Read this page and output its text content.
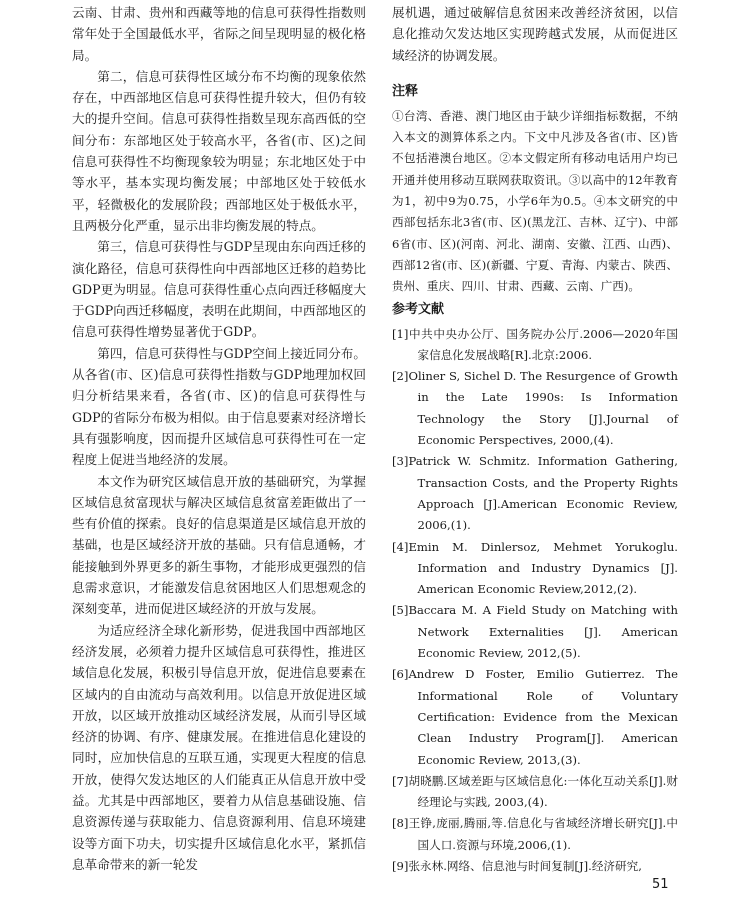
云南、甘肃、贵州和西藏等地的信息可获得性指数则常年处于全国最低水平，省际之间呈现明显的极化格局。

第二，信息可获得性区域分布不均衡的现象依然存在，中西部地区信息可获得性提升较大，但仍有较大的提升空间。信息可获得性指数呈现东高西低的空间分布：东部地区处于较高水平，各省(市、区)之间信息可获得性不均衡现象较为明显；东北地区处于中等水平，基本实现均衡发展；中部地区处于较低水平，轻微极化的发展阶段；西部地区处于极低水平，且两极分化严重，显示出非均衡发展的特点。

第三，信息可获得性与GDP呈现由东向西迁移的演化路径，信息可获得性向中西部地区迁移的趋势比GDP更为明显。信息可获得性重心点向西迁移幅度大于GDP向西迁移幅度，表明在此期间，中西部地区的信息可获得性增势显著优于GDP。

第四，信息可获得性与GDP空间上接近同分布。从各省(市、区)信息可获得性指数与GDP地理加权回归分析结果来看，各省(市、区)的信息可获得性与GDP的省际分布极为相似。由于信息要素对经济增长具有强影响度，因而提升区域信息可获得性可在一定程度上促进当地经济的发展。

本文作为研究区域信息开放的基础研究，为掌握区域信息贫富现状与解决区域信息贫富差距做出了一些有价值的探索。良好的信息渠道是区域信息开放的基础，也是区域经济开放的基础。只有信息通畅，才能接触到外界更多的新生事物，才能形成更强烈的信息需求意识，才能激发信息贫困地区人们思想观念的深刻变革，进而促进区域经济的开放与发展。

为适应经济全球化新形势，促进我国中西部地区经济发展，必须着力提升区域信息可获得性，推进区域信息化发展，积极引导信息开放，促进信息要素在区域内的自由流动与高效利用。以信息开放促进区域开放，以区域开放推动区域经济发展，从而引导区域经济的协调、有序、健康发展。在推进信息化建设的同时，应加快信息的互联互通，实现更大程度的信息开放，使得欠发达地区的人们能真正从信息开放中受益。尤其是中西部地区，要着力从信息基础设施、信息资源传递与获取能力、信息资源利用、信息环境建设等方面下功夫，切实提升区域信息化水平，紧抓信息革命带来的新一轮发

展机遇，通过破解信息贫困来改善经济贫困，以信息化推动欠发达地区实现跨越式发展，从而促进区域经济的协调发展。

注释

①台湾、香港、澳门地区由于缺少详细指标数据，不纳入本文的测算体系之内。下文中凡涉及各省(市、区)皆不包括港澳台地区。②本文假定所有移动电话用户均已开通并使用移动互联网获取资讯。③以高中的12年教育为1，初中9为0.75，小学6年为0.5。④本文研究的中西部包括东北3省(市、区)(黑龙江、吉林、辽宁)、中部6省(市、区)(河南、河北、湖南、安徽、江西、山西)、西部12省(市、区)(新疆、宁夏、青海、内蒙古、陕西、贵州、重庆、四川、甘肃、西藏、云南、广西)。

参考文献
[1]中共中央办公厅、国务院办公厅.2006—2020年国家信息化发展战略[R].北京:2006.
[2]Oliner S, Sichel D. The Resurgence of Growth in the Late 1990s: Is Information Technology the Story [J].Journal of Economic Perspectives, 2000,(4).
[3]Patrick W. Schmitz. Information Gathering, Transaction Costs, and the Property Rights Approach [J].American Economic Review, 2006,(1).
[4]Emin M. Dinlersoz, Mehmet Yorukoglu. Information and Industry Dynamics [J]. American Economic Review,2012,(2).
[5]Baccara M. A Field Study on Matching with Network Externalities [J]. American Economic Review, 2012,(5).
[6]Andrew D Foster, Emilio Gutierrez. The Informational Role of Voluntary Certification: Evidence from the Mexican Clean Industry Program[J]. American Economic Review, 2013,(3).
[7]胡晓鹏.区域差距与区域信息化:一体化互动关系[J].财经理论与实践, 2003,(4).
[8]王铮,庞丽,腾丽,等.信息化与省域经济增长研究[J].中国人口.资源与环境,2006,(1).
[9]张永林.网络、信息池与时间复制[J].经济研究,
51
